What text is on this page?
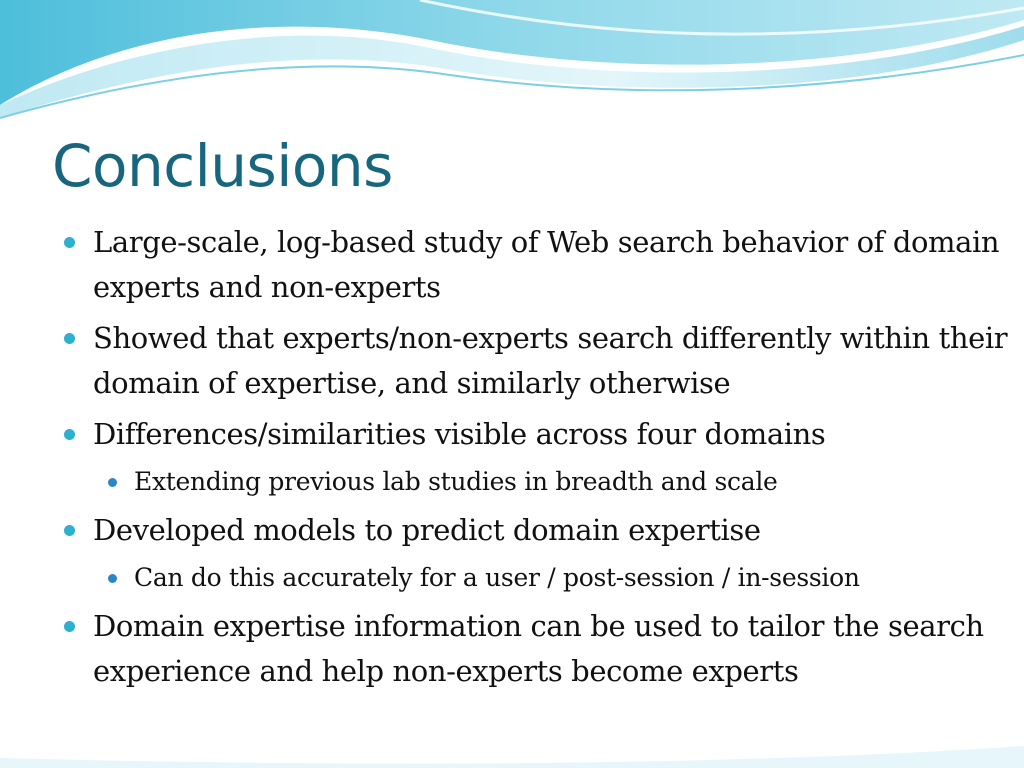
Conclusions
Large-scale, log-based study of Web search behavior of domain experts and non-experts
Showed that experts/non-experts search differently within their domain of expertise, and similarly otherwise
Differences/similarities visible across four domains
Extending previous lab studies in breadth and scale
Developed models to predict domain expertise
Can do this accurately for a user / post-session / in-session
Domain expertise information can be used to tailor the search experience and help non-experts become experts
